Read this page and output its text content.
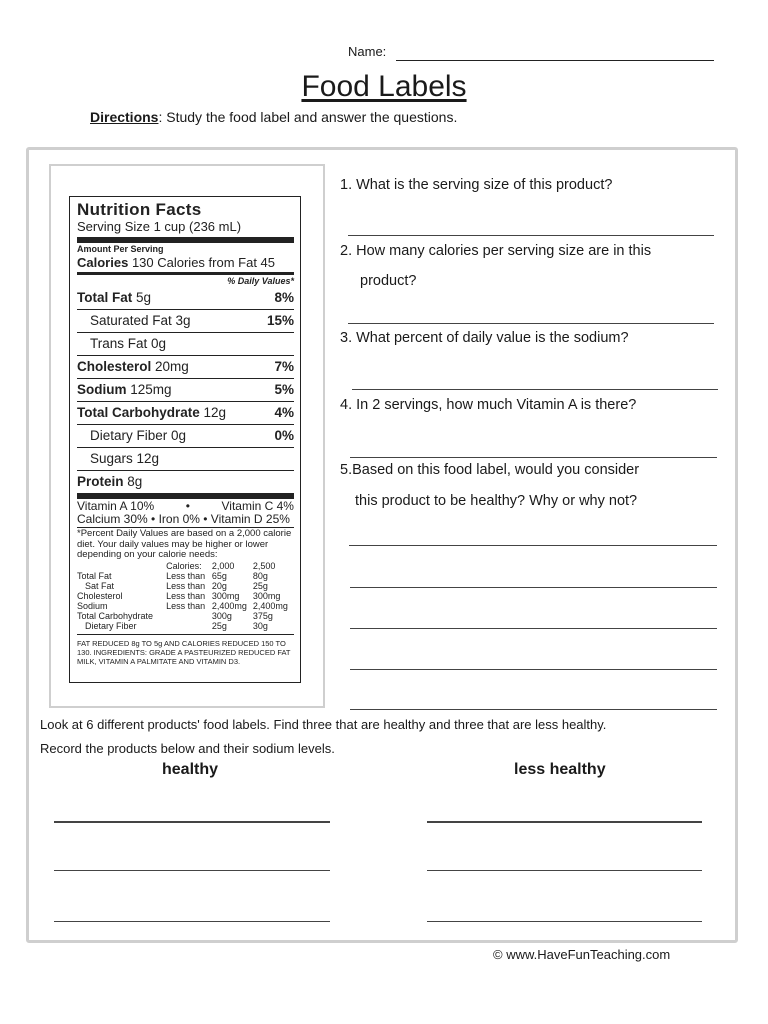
Name:
Food Labels
Directions: Study the food label and answer the questions.
Nutrition Facts
Serving Size 1 cup (236 mL)
Amount Per Serving
Calories 130 Calories from Fat 45
% Daily Values*
Total Fat 5g	8%
Saturated Fat 3g	15%
Trans Fat 0g
Cholesterol 20mg	7%
Sodium 125mg	5%
Total Carbohydrate 12g	4%
Dietary Fiber 0g	0%
Sugars 12g
Protein 8g
Vitamin A 10%	•	Vitamin C 4%
Calcium 30% • Iron 0% • Vitamin D 25%
*Percent Daily Values are based on a 2,000 calorie diet. Your daily values may be higher or lower depending on your calorie needs:
	Calories:	2,000	2,500
Total Fat	Less than	65g	80g
Sat Fat	Less than	20g	25g
Cholesterol	Less than	300mg	300mg
Sodium	Less than	2,400mg	2,400mg
Total Carbohydrate		300g	375g
Dietary Fiber		25g	30g
FAT REDUCED 8g TO 5g AND CALORIES REDUCED 150 TO 130. INGREDIENTS: GRADE A PASTEURIZED REDUCED FAT MILK, VITAMIN A PALMITATE AND VITAMIN D3.
1. What is the serving size of this product?
2. How many calories per serving size are in this
product?
3. What percent of daily value is the sodium?
4. In 2 servings, how much Vitamin A is there?
5.Based on this food label, would you consider
this product to be healthy? Why or why not?
Look at 6 different products' food labels. Find three that are healthy and three that are less healthy.
Record the products below and their sodium levels.
healthy	less healthy
© www.HaveFunTeaching.com
